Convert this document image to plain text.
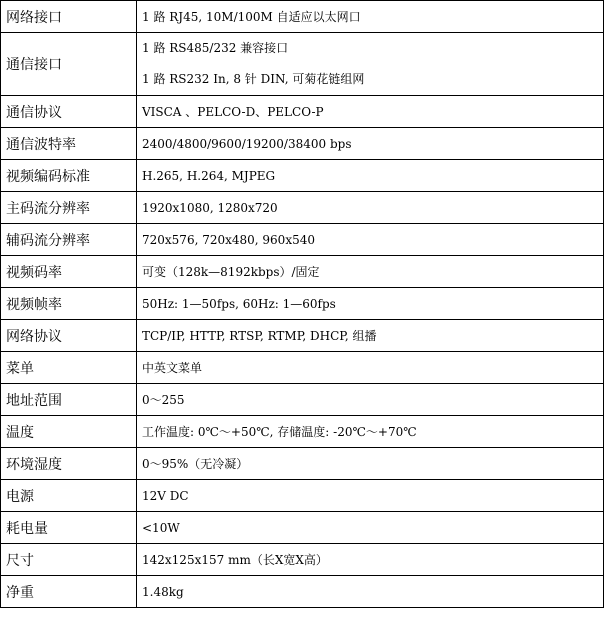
网络接口	1 路 RJ45, 10M/100M 自适应以太网口
通信接口	1 路 RS485/232 兼容接口
1 路 RS232 In, 8 针 DIN, 可菊花链组网

通信协议	VISCA 、PELCO-D、PELCO-P
通信波特率	2400/4800/9600/19200/38400 bps
视频编码标准	H.265, H.264, MJPEG
主码流分辨率	1920x1080, 1280x720
辅码流分辨率	720x576, 720x480, 960x540
视频码率	可变（128k—8192kbps）/固定
视频帧率	50Hz: 1—50fps, 60Hz: 1—60fps
网络协议	TCP/IP, HTTP, RTSP, RTMP, DHCP, 组播
菜单	中英文菜单
地址范围	0～255
温度	工作温度: 0℃～+50℃, 存储温度: -20℃～+70℃
环境湿度	0～95%（无冷凝）
电源	12V DC
耗电量	<10W
尺寸	142x125x157 mm（长X宽X高）
净重	1.48kg
